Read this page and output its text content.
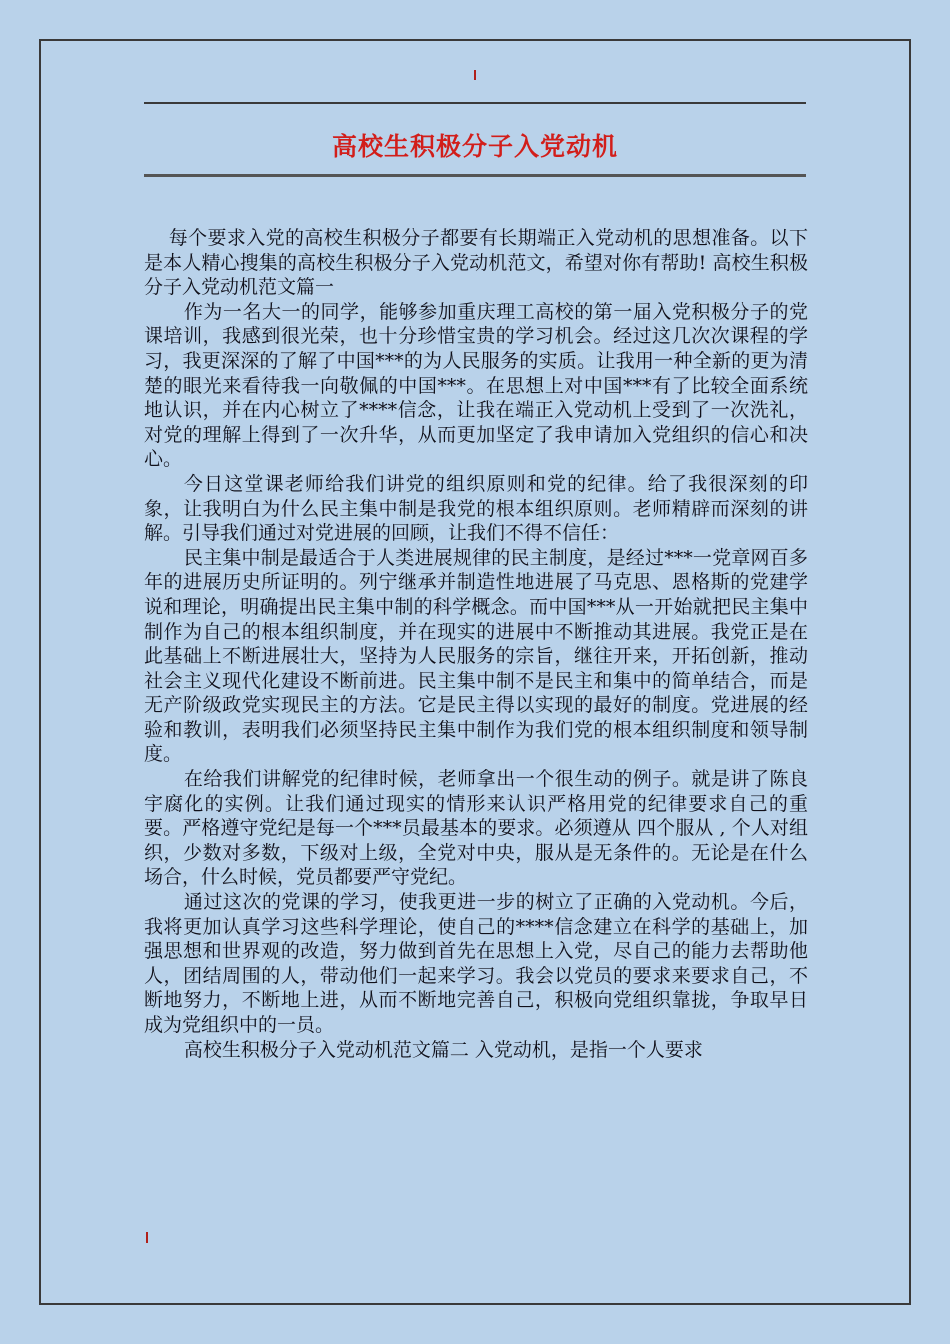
高校生积极分子入党动机

每个要求入党的高校生积极分子都要有长期端正入党动机的思想准备。以下是本人精心搜集的高校生积极分子入党动机范文，希望对你有帮助! 高校生积极分子入党动机范文篇一

作为一名大一的同学，能够参加重庆理工高校的第一届入党积极分子的党课培训，我感到很光荣，也十分珍惜宝贵的学习机会。经过这几次次课程的学习，我更深深的了解了中国***的为人民服务的实质。让我用一种全新的更为清楚的眼光来看待我一向敬佩的中国***。在思想上对中国***有了比较全面系统地认识，并在内心树立了****信念，让我在端正入党动机上受到了一次洗礼，对党的理解上得到了一次升华，从而更加坚定了我申请加入党组织的信心和决心。

今日这堂课老师给我们讲党的组织原则和党的纪律。给了我很深刻的印象，让我明白为什么民主集中制是我党的根本组织原则。老师精辟而深刻的讲解。引导我们通过对党进展的回顾，让我们不得不信任：

民主集中制是最适合于人类进展规律的民主制度，是经过***一党章网百多年的进展历史所证明的。列宁继承并制造性地进展了马克思、恩格斯的党建学说和理论，明确提出民主集中制的科学概念。而中国***从一开始就把民主集中制作为自己的根本组织制度，并在现实的进展中不断推动其进展。我党正是在此基础上不断进展壮大，坚持为人民服务的宗旨，继往开来，开拓创新，推动社会主义现代化建设不断前进。民主集中制不是民主和集中的简单结合，而是无产阶级政党实现民主的方法。它是民主得以实现的最好的制度。党进展的经验和教训，表明我们必须坚持民主集中制作为我们党的根本组织制度和领导制度。

在给我们讲解党的纪律时候，老师拿出一个很生动的例子。就是讲了陈良宇腐化的实例。让我们通过现实的情形来认识严格用党的纪律要求自己的重要。严格遵守党纪是每一个***员最基本的要求。必须遵从 四个服从 , 个人对组织，少数对多数，下级对上级，全党对中央，服从是无条件的。无论是在什么场合，什么时候，党员都要严守党纪。

通过这次的党课的学习，使我更进一步的树立了正确的入党动机。今后，我将更加认真学习这些科学理论，使自己的****信念建立在科学的基础上，加强思想和世界观的改造，努力做到首先在思想上入党，尽自己的能力去帮助他人，团结周围的人，带动他们一起来学习。我会以党员的要求来要求自己，不断地努力，不断地上进，从而不断地完善自己，积极向党组织靠拢，争取早日成为党组织中的一员。

高校生积极分子入党动机范文篇二 入党动机，是指一个人要求
